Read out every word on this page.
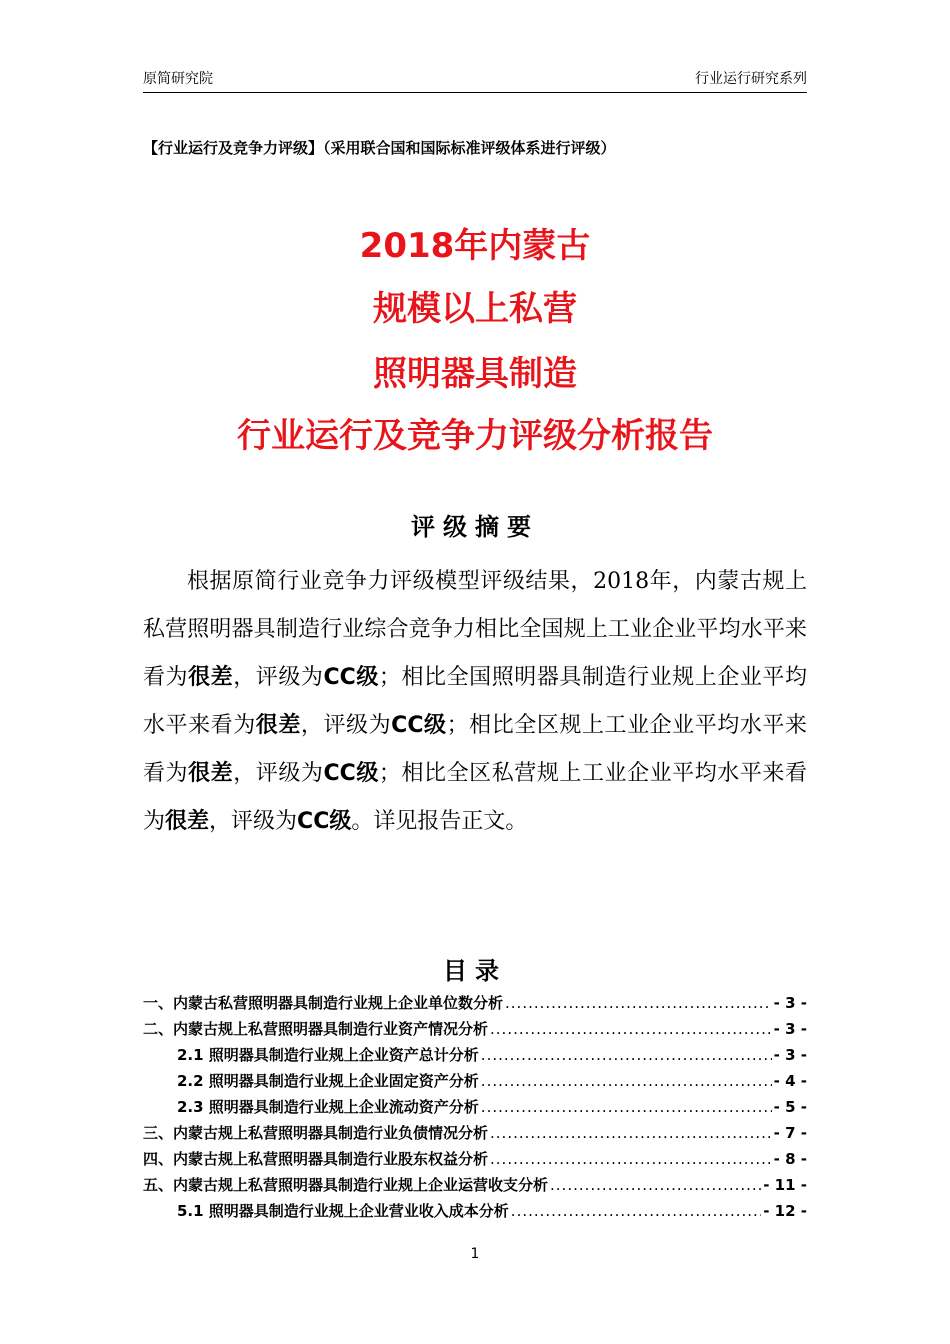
原简研究院	行业运行研究系列
【行业运行及竞争力评级】（采用联合国和国际标准评级体系进行评级）
2018年内蒙古
规模以上私营
照明器具制造
行业运行及竞争力评级分析报告
评级摘要

根据原简行业竞争力评级模型评级结果，2018年，内蒙古规上私营照明器具制造行业综合竞争力相比全国规上工业企业平均水平来看为很差，评级为CC级；相比全国照明器具制造行业规上企业平均水平来看为很差，评级为CC级；相比全区规上工业企业平均水平来看为很差，评级为CC级；相比全区私营规上工业企业平均水平来看为很差，评级为CC级。详见报告正文。

目录
一、内蒙古私营照明器具制造行业规上企业单位数分析 .....	- 3 -
二、内蒙古规上私营照明器具制造行业资产情况分析 .....	- 3 -
2.1 照明器具制造行业规上企业资产总计分析 .....	- 3 -
2.2 照明器具制造行业规上企业固定资产分析 .....	- 4 -
2.3 照明器具制造行业规上企业流动资产分析 .....	- 5 -
三、内蒙古规上私营照明器具制造行业负债情况分析 .....	- 7 -
四、内蒙古规上私营照明器具制造行业股东权益分析 .....	- 8 -
五、内蒙古规上私营照明器具制造行业规上企业运营收支分析 .....	- 11 -
5.1 照明器具制造行业规上企业营业收入成本分析 .....	- 12 -
1
